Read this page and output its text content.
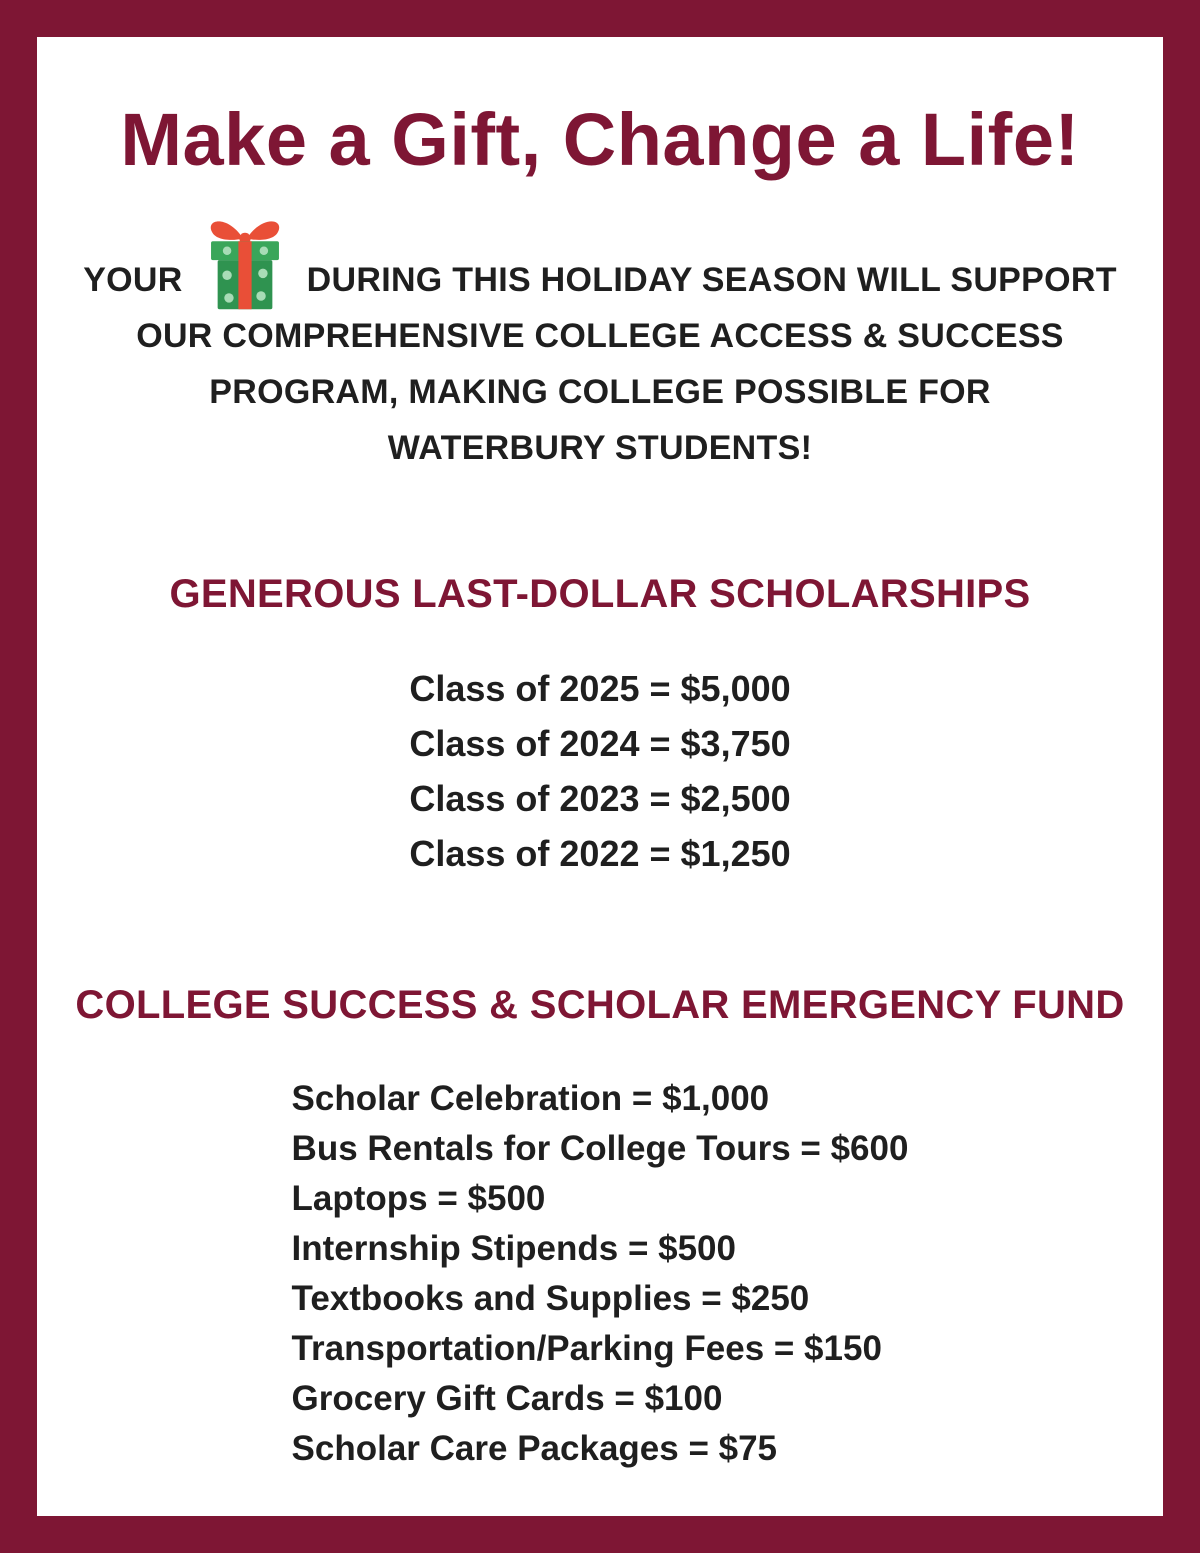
Make a Gift, Change a Life!
YOUR	DURING THIS HOLIDAY SEASON WILL SUPPORT
OUR COMPREHENSIVE COLLEGE ACCESS & SUCCESS
PROGRAM, MAKING COLLEGE POSSIBLE FOR
WATERBURY STUDENTS!
GENEROUS LAST-DOLLAR SCHOLARSHIPS
Class of 2025 = $5,000
Class of 2024 = $3,750
Class of 2023 = $2,500
Class of 2022 = $1,250
COLLEGE SUCCESS & SCHOLAR EMERGENCY FUND
Scholar Celebration = $1,000
Bus Rentals for College Tours = $600
Laptops = $500
Internship Stipends = $500
Textbooks and Supplies = $250
Transportation/Parking Fees = $150
Grocery Gift Cards = $100
Scholar Care Packages = $75
